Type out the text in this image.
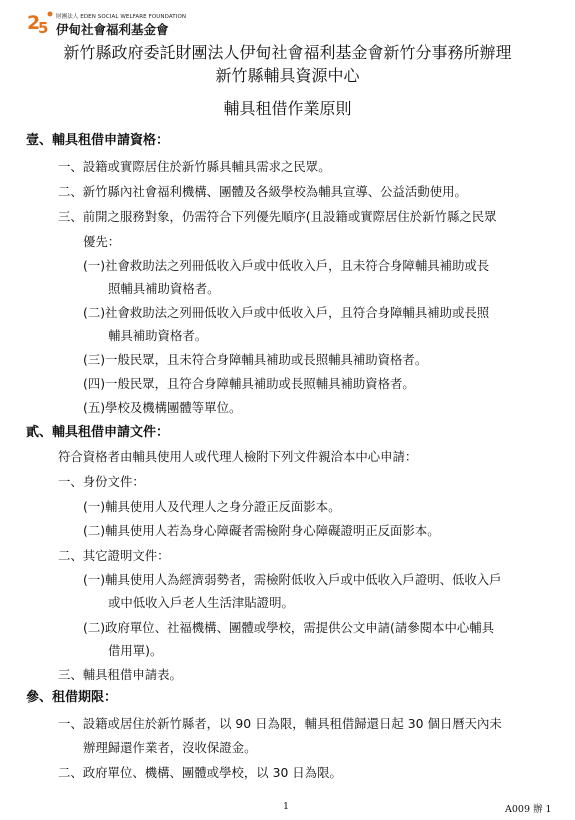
2
5
財團法人 EDEN SOCIAL WELFARE FOUNDATION
伊甸社會福利基金會
新竹縣政府委託財團法人伊甸社會福利基金會新竹分事務所辦理
新竹縣輔具資源中心
輔具租借作業原則
壹、輔具租借申請資格：
一、設籍或實際居住於新竹縣具輔具需求之民眾。
二、新竹縣內社會福利機構、團體及各級學校為輔具宣導、公益活動使用。
三、前開之服務對象，仍需符合下列優先順序(且設籍或實際居住於新竹縣之民眾
優先：
(一)社會救助法之列冊低收入戶或中低收入戶，且未符合身障輔具補助或長
照輔具補助資格者。
(二)社會救助法之列冊低收入戶或中低收入戶，且符合身障輔具補助或長照
輔具補助資格者。
(三)一般民眾，且未符合身障輔具補助或長照輔具補助資格者。
(四)一般民眾，且符合身障輔具補助或長照輔具補助資格者。
(五)學校及機構團體等單位。
貳、輔具租借申請文件：
符合資格者由輔具使用人或代理人檢附下列文件親洽本中心申請：
一、身份文件：
(一)輔具使用人及代理人之身分證正反面影本。
(二)輔具使用人若為身心障礙者需檢附身心障礙證明正反面影本。
二、其它證明文件：
(一)輔具使用人為經濟弱勢者，需檢附低收入戶或中低收入戶證明、低收入戶
或中低收入戶老人生活津貼證明。
(二)政府單位、社福機構、團體或學校，需提供公文申請(請參閱本中心輔具
借用單)。
三、輔具租借申請表。
參、租借期限：
一、設籍或居住於新竹縣者，以 90 日為限，輔具租借歸還日起 30 個日曆天內未
辦理歸還作業者，沒收保證金。
二、政府單位、機構、團體或學校，以 30 日為限。
1	A009 辦 1
